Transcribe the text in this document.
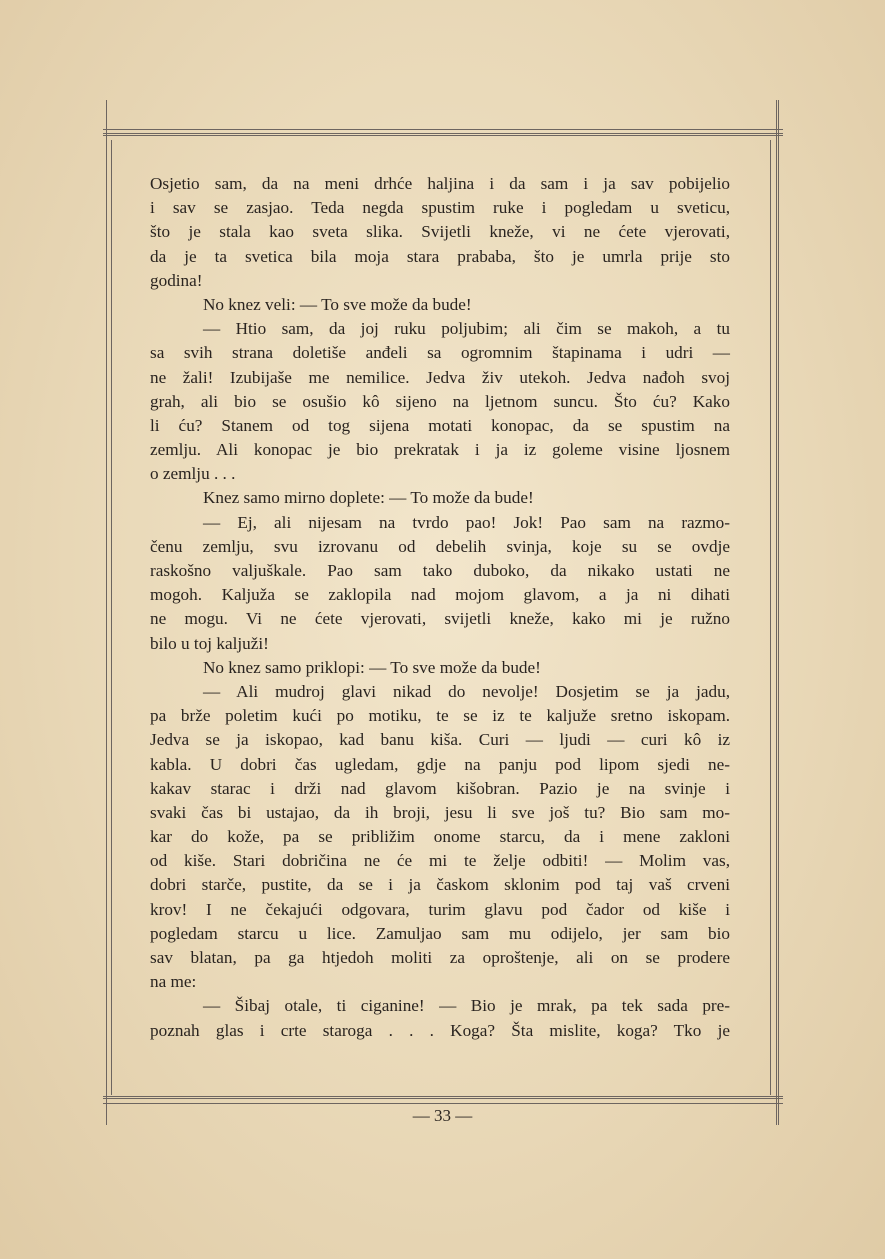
Osjetio sam, da na meni drhće haljina i da sam i ja sav pobijelio
i sav se zasjao. Teda negda spustim ruke i pogledam u sveticu,
što je stala kao sveta slika. Svijetli kneže, vi ne ćete vjerovati,
da je ta svetica bila moja stara prababa, što je umrla prije sto
godina!
No knez veli: — To sve može da bude!
— Htio sam, da joj ruku poljubim; ali čim se makoh, a tu
sa svih strana doletiše anđeli sa ogromnim štapinama i udri —
ne žali! Izubijaše me nemilice. Jedva živ utekoh. Jedva nađoh svoj
grah, ali bio se osušio kô sijeno na ljetnom suncu. Što ću? Kako
li ću? Stanem od tog sijena motati konopac, da se spustim na
zemlju. Ali konopac je bio prekratak i ja iz goleme visine ljosnem
o zemlju . . .
Knez samo mirno doplete: — To može da bude!
— Ej, ali nijesam na tvrdo pao! Jok! Pao sam na razmo-
čenu zemlju, svu izrovanu od debelih svinja, koje su se ovdje
raskošno valjuškale. Pao sam tako duboko, da nikako ustati ne
mogoh. Kaljuža se zaklopila nad mojom glavom, a ja ni dihati
ne mogu. Vi ne ćete vjerovati, svijetli kneže, kako mi je ružno
bilo u toj kaljuži!
No knez samo priklopi: — To sve može da bude!
— Ali mudroj glavi nikad do nevolje! Dosjetim se ja jadu,
pa brže poletim kući po motiku, te se iz te kaljuže sretno iskopam.
Jedva se ja iskopao, kad banu kiša. Curi — ljudi — curi kô iz
kabla. U dobri čas ugledam, gdje na panju pod lipom sjedi ne-
kakav starac i drži nad glavom kišobran. Pazio je na svinje i
svaki čas bi ustajao, da ih broji, jesu li sve još tu? Bio sam mo-
kar do kože, pa se približim onome starcu, da i mene zakloni
od kiše. Stari dobričina ne će mi te želje odbiti! — Molim vas,
dobri starče, pustite, da se i ja časkom sklonim pod taj vaš crveni
krov! I ne čekajući odgovara, turim glavu pod čador od kiše i
pogledam starcu u lice. Zamuljao sam mu odijelo, jer sam bio
sav blatan, pa ga htjedoh moliti za oproštenje, ali on se prodere
na me:
— Šibaj otale, ti ciganine! — Bio je mrak, pa tek sada pre-
poznah glas i crte staroga . . . Koga? Šta mislite, koga? Tko je
— 33 —
